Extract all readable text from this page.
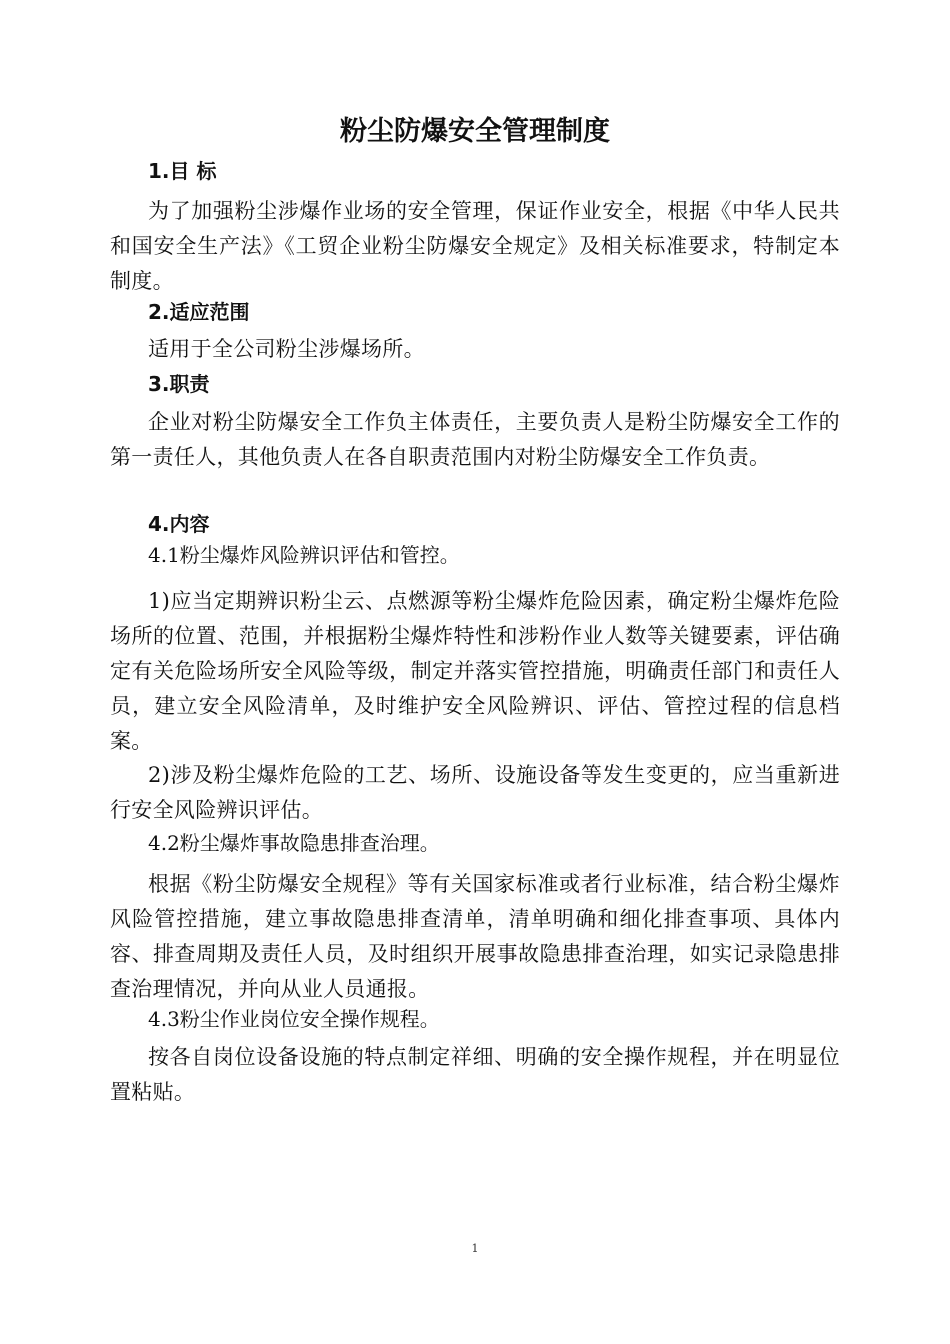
粉尘防爆安全管理制度
1.目 标

为了加强粉尘涉爆作业场的安全管理，保证作业安全，根据《中华人民共和国安全生产法》《工贸企业粉尘防爆安全规定》及相关标准要求，特制定本制度。

2.适应范围

适用于全公司粉尘涉爆场所。

3.职责

企业对粉尘防爆安全工作负主体责任，主要负责人是粉尘防爆安全工作的第一责任人，其他负责人在各自职责范围内对粉尘防爆安全工作负责。

4.内容
4.1粉尘爆炸风险辨识评估和管控。

1)应当定期辨识粉尘云、点燃源等粉尘爆炸危险因素，确定粉尘爆炸危险场所的位置、范围，并根据粉尘爆炸特性和涉粉作业人数等关键要素，评估确定有关危险场所安全风险等级，制定并落实管控措施，明确责任部门和责任人员，建立安全风险清单，及时维护安全风险辨识、评估、管控过程的信息档案。

2)涉及粉尘爆炸危险的工艺、场所、设施设备等发生变更的，应当重新进行安全风险辨识评估。

4.2粉尘爆炸事故隐患排查治理。

根据《粉尘防爆安全规程》等有关国家标准或者行业标准，结合粉尘爆炸风险管控措施，建立事故隐患排查清单，清单明确和细化排查事项、具体内容、排查周期及责任人员，及时组织开展事故隐患排查治理，如实记录隐患排查治理情况，并向从业人员通报。

4.3粉尘作业岗位安全操作规程。

按各自岗位设备设施的特点制定祥细、明确的安全操作规程，并在明显位置粘贴。

1
